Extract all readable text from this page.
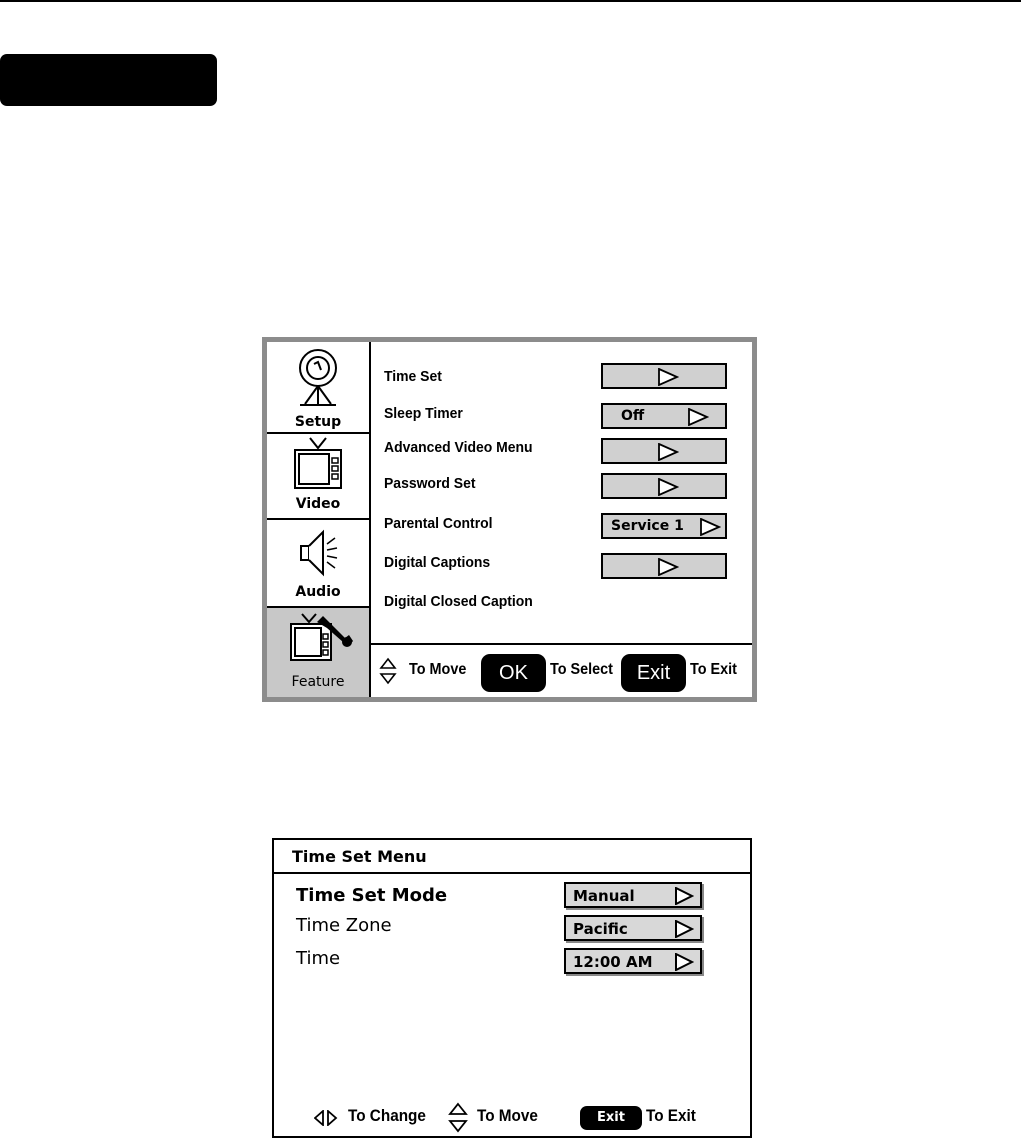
Setup
Video
Audio
Feature
Time Set
Sleep Timer	Off
Advanced Video Menu
Password Set
Parental Control	Service 1
Digital Captions
Digital Closed Caption
To Move	OK	To Select	Exit	To Exit
Time Set Menu
Time Set Mode	Manual
Time Zone	Pacific
Time	12:00 AM
To Change	To Move	Exit	To Exit
